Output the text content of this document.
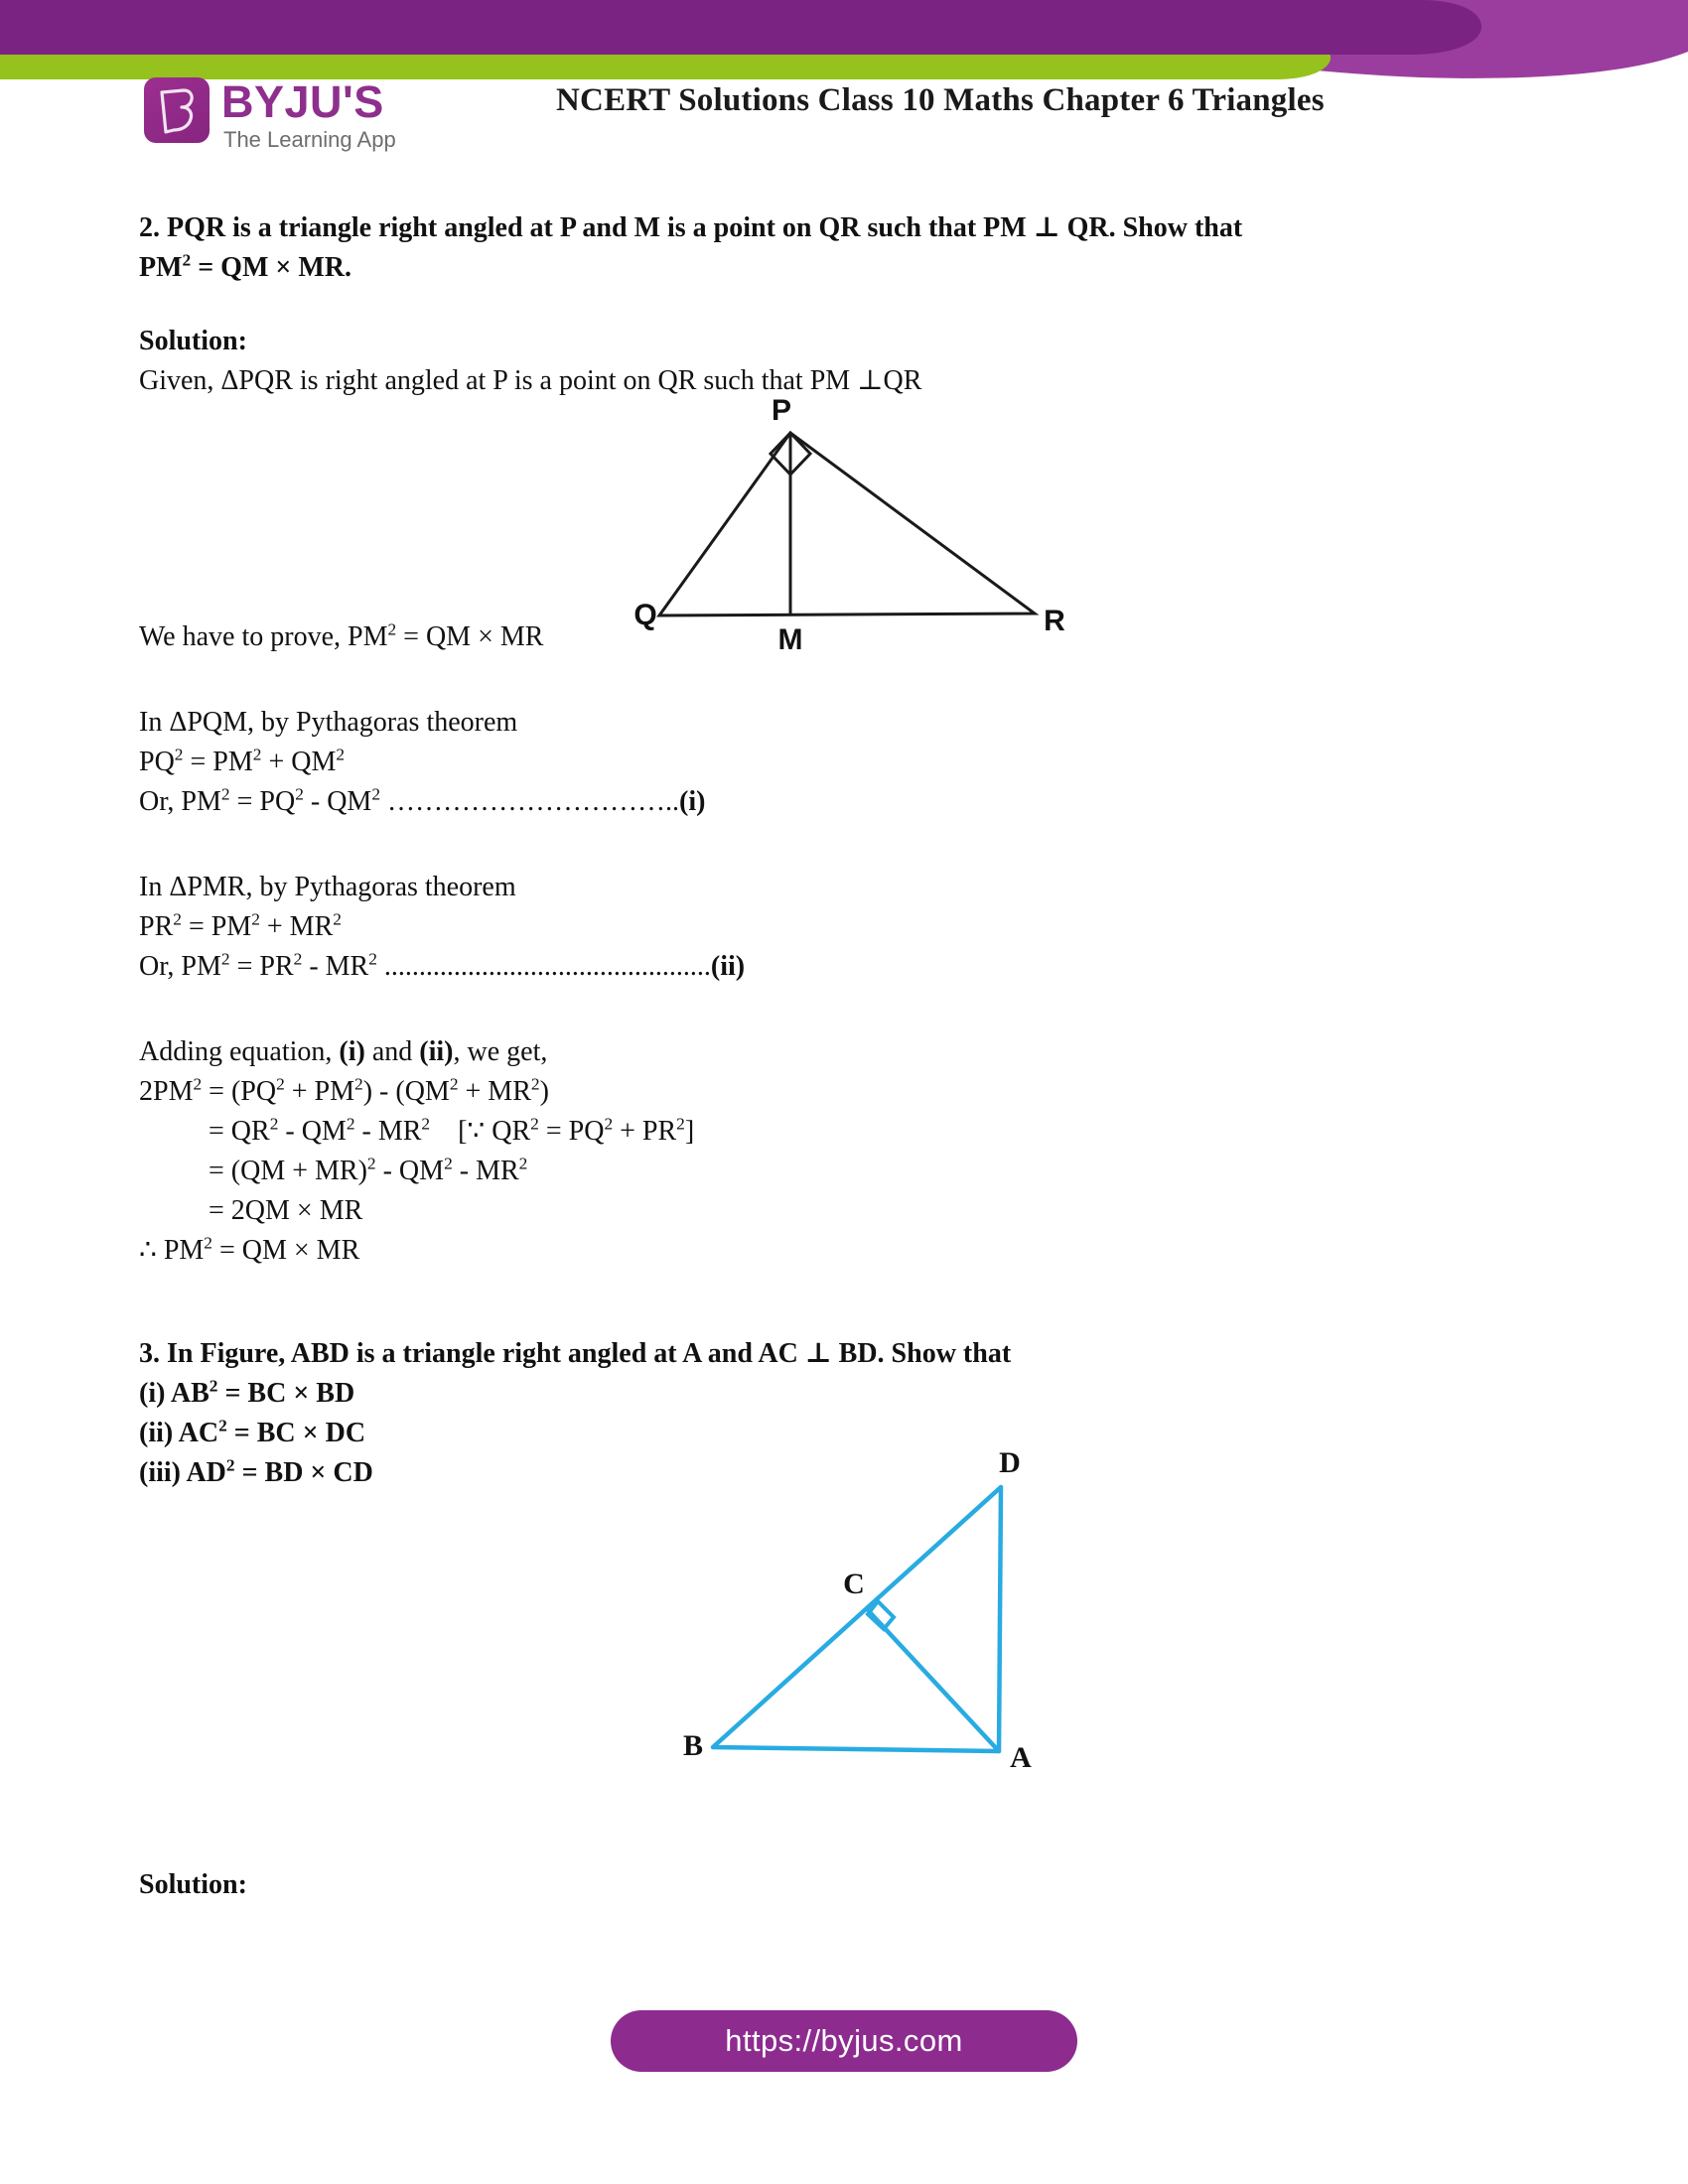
BYJU'S
The Learning App
NCERT Solutions Class 10 Maths Chapter 6 Triangles
2. PQR is a triangle right angled at P and M is a point on QR such that PM ⊥ QR. Show that
$PM^2$ = QM × MR.
Solution:
Given, ΔPQR is right angled at P is a point on QR such that PM ⊥QR
We have to prove, $PM^2$ = QM × MR
In ΔPQM, by Pythagoras theorem
$PQ^2 = PM^2 + QM^2$
Or, $PM^2 = PQ^2 - QM^2$ …………………………..(i)
In ΔPMR, by Pythagoras theorem
$PR^2 = PM^2 + MR^2$
Or, $PM^2 = PR^2 - MR^2$ ...............................................(ii)
Adding equation, (i) and (ii), we get,
$2PM^2 = (PQ^2 + PM^2) - (QM^2 + MR^2)$
= $QR^2 - QM^2 - MR^2$    [∵ $QR^2 = PQ^2 + PR^2$]
= $(QM + MR)^2 - QM^2 - MR^2$
= 2QM × MR
∴ $PM^2$ = QM × MR
3. In Figure, ABD is a triangle right angled at A and AC ⊥ BD. Show that
(i) $AB^2$ = BC × BD
(ii) $AC^2$ = BC × DC
(iii) $AD^2$ = BD × CD
Solution:
P
Q
M
R
D
C
B	A
https://byjus.com
